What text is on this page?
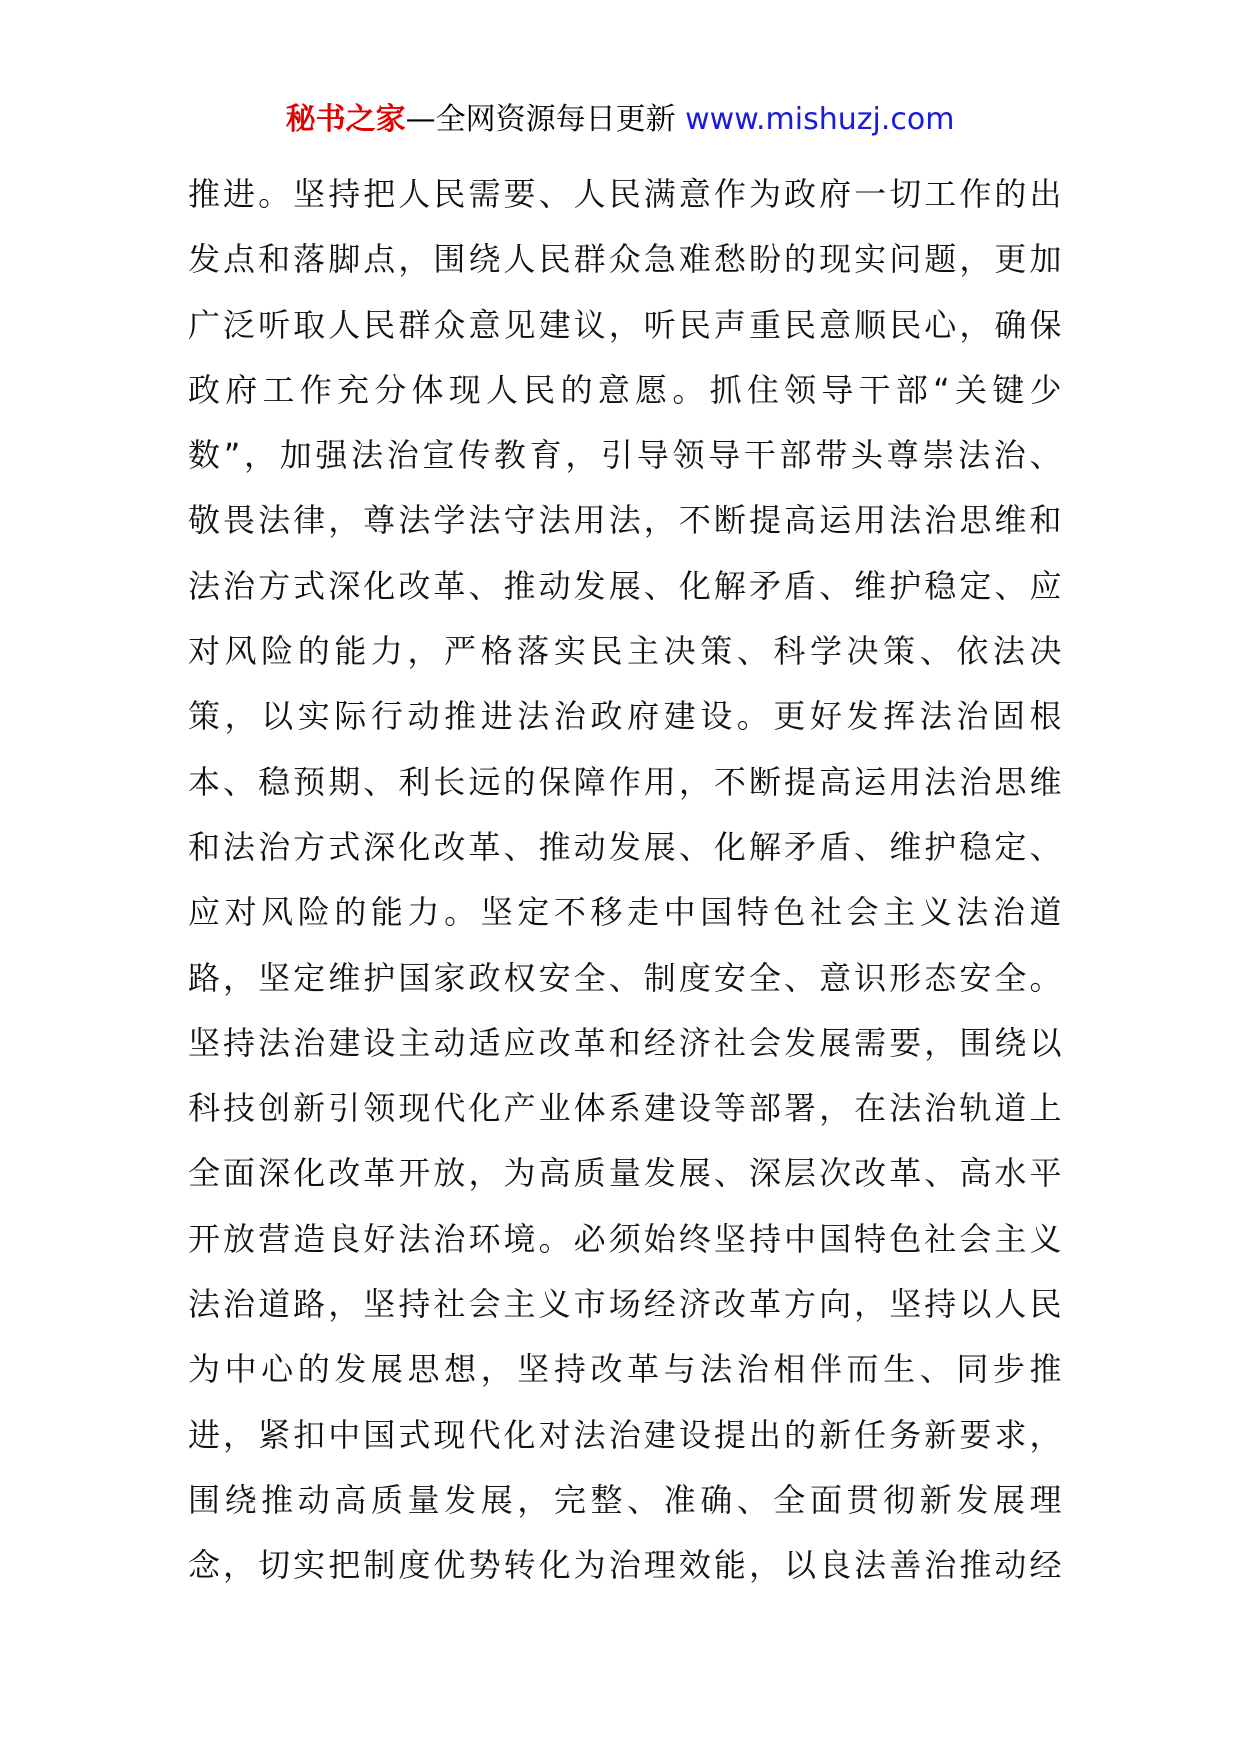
秘书之家—全网资源每日更新 www.mishuzj.com
推进。坚持把人民需要、人民满意作为政府一切工作的出
发点和落脚点，围绕人民群众急难愁盼的现实问题，更加
广泛听取人民群众意见建议，听民声重民意顺民心，确保
政府工作充分体现人民的意愿。抓住领导干部“关键少
数”，加强法治宣传教育，引导领导干部带头尊崇法治、
敬畏法律，尊法学法守法用法，不断提高运用法治思维和
法治方式深化改革、推动发展、化解矛盾、维护稳定、应
对风险的能力，严格落实民主决策、科学决策、依法决
策，以实际行动推进法治政府建设。更好发挥法治固根
本、稳预期、利长远的保障作用，不断提高运用法治思维
和法治方式深化改革、推动发展、化解矛盾、维护稳定、
应对风险的能力。坚定不移走中国特色社会主义法治道
路，坚定维护国家政权安全、制度安全、意识形态安全。
坚持法治建设主动适应改革和经济社会发展需要，围绕以
科技创新引领现代化产业体系建设等部署，在法治轨道上
全面深化改革开放，为高质量发展、深层次改革、高水平
开放营造良好法治环境。必须始终坚持中国特色社会主义
法治道路，坚持社会主义市场经济改革方向，坚持以人民
为中心的发展思想，坚持改革与法治相伴而生、同步推
进，紧扣中国式现代化对法治建设提出的新任务新要求，
围绕推动高质量发展，完整、准确、全面贯彻新发展理
念，切实把制度优势转化为治理效能，以良法善治推动经
